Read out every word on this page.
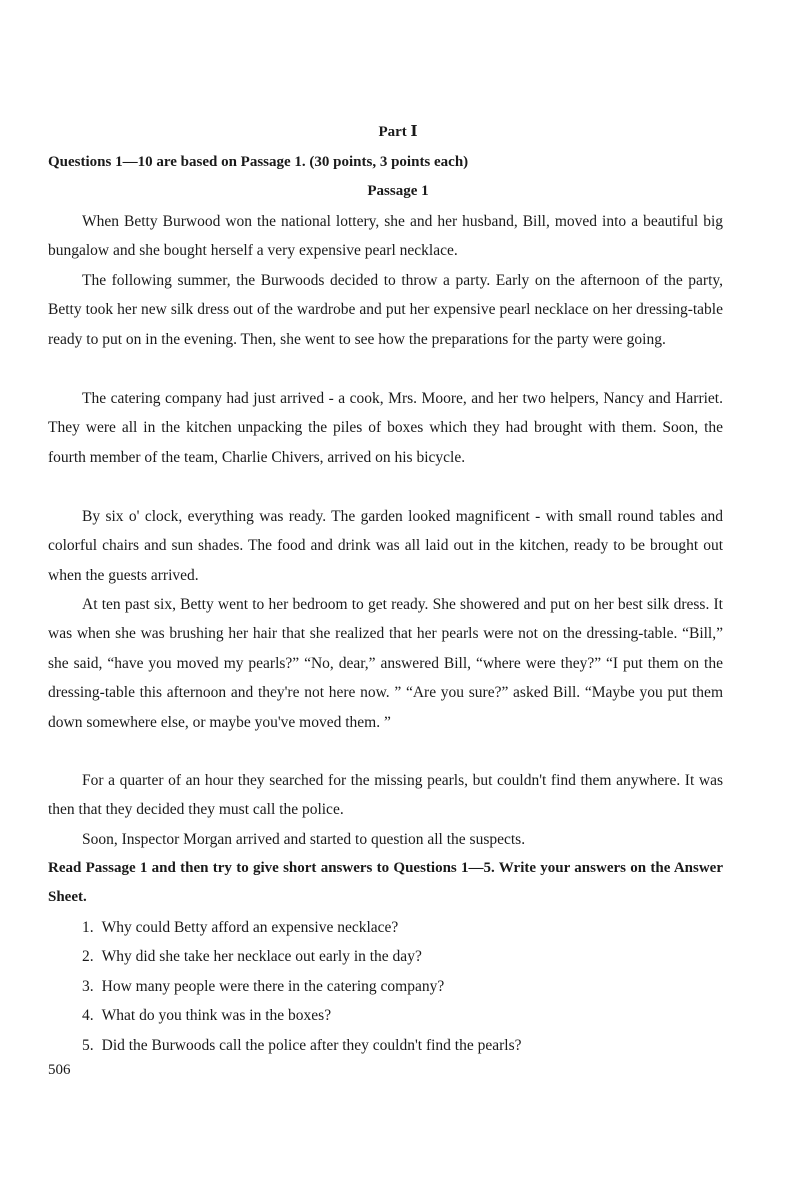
Part Ⅰ
Questions 1—10 are based on Passage 1. (30 points, 3 points each)
Passage 1

When Betty Burwood won the national lottery, she and her husband, Bill, moved into a beautiful big bungalow and she bought herself a very expensive pearl necklace.

The following summer, the Burwoods decided to throw a party. Early on the afternoon of the party, Betty took her new silk dress out of the wardrobe and put her expensive pearl necklace on her dressing-table ready to put on in the evening. Then, she went to see how the preparations for the party were going.

The catering company had just arrived - a cook, Mrs. Moore, and her two helpers, Nancy and Harriet. They were all in the kitchen unpacking the piles of boxes which they had brought with them. Soon, the fourth member of the team, Charlie Chivers, arrived on his bicycle.

By six o' clock, everything was ready. The garden looked magnificent - with small round tables and colorful chairs and sun shades. The food and drink was all laid out in the kitchen, ready to be brought out when the guests arrived.

At ten past six, Betty went to her bedroom to get ready. She showered and put on her best silk dress. It was when she was brushing her hair that she realized that her pearls were not on the dressing-table. “Bill,” she said, “have you moved my pearls?” “No, dear,” answered Bill, “where were they?” “I put them on the dressing-table this afternoon and they're not here now. ” “Are you sure?” asked Bill. “Maybe you put them down somewhere else, or maybe you've moved them. ”

For a quarter of an hour they searched for the missing pearls, but couldn't find them anywhere. It was then that they decided they must call the police.

Soon, Inspector Morgan arrived and started to question all the suspects.

Read Passage 1 and then try to give short answers to Questions 1—5. Write your answers on the Answer Sheet.

1. Why could Betty afford an expensive necklace?
2. Why did she take her necklace out early in the day?
3. How many people were there in the catering company?
4. What do you think was in the boxes?
5. Did the Burwoods call the police after they couldn't find the pearls?
506
